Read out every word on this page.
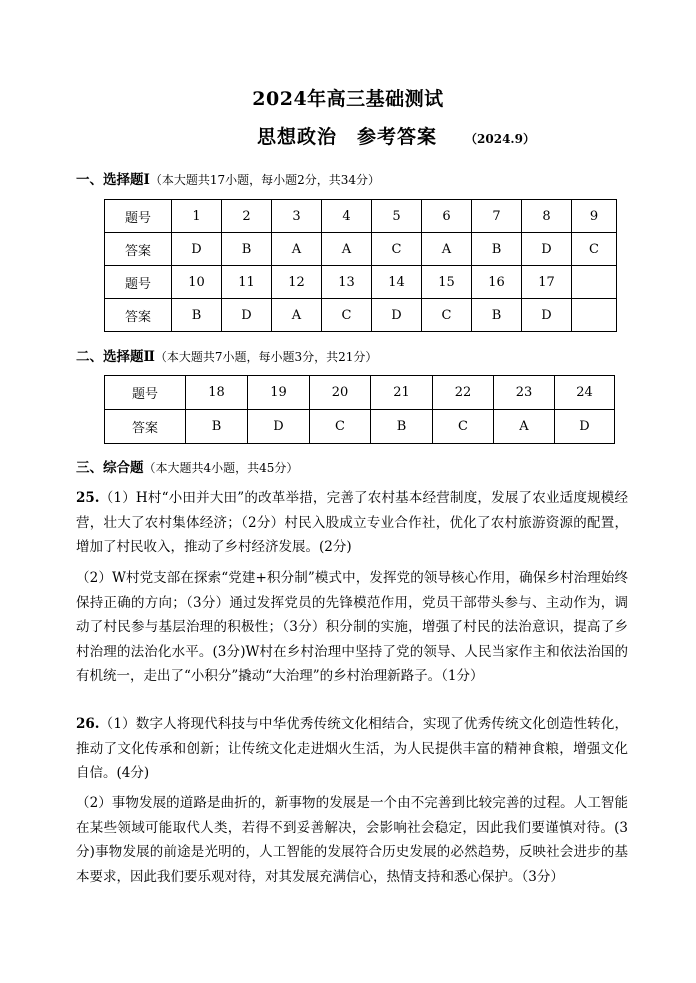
2024年高三基础测试
思想政治　参考答案 （2024.9）
一、选择题Ⅰ（本大题共17小题，每小题2分，共34分）
题号	1	2	3	4	5	6	7	8	9
答案	D	B	A	A	C	A	B	D	C
题号	10	11	12	13	14	15	16	17	
答案	B	D	A	C	D	C	B	D	
二、选择题Ⅱ（本大题共7小题，每小题3分，共21分）
题号	18	19	20	21	22	23	24
答案	B	D	C	B	C	A	D
三、综合题（本大题共4小题，共45分）
25.（1）H村“小田并大田”的改革举措，完善了农村基本经营制度，发展了农业适度规模经营，壮大了农村集体经济；（2分）村民入股成立专业合作社，优化了农村旅游资源的配置，增加了村民收入，推动了乡村经济发展。(2分)
（2）W村党支部在探索“党建+积分制”模式中，发挥党的领导核心作用，确保乡村治理始终保持正确的方向；（3分）通过发挥党员的先锋模范作用，党员干部带头参与、主动作为，调动了村民参与基层治理的积极性；（3分）积分制的实施，增强了村民的法治意识，提高了乡村治理的法治化水平。(3分)W村在乡村治理中坚持了党的领导、人民当家作主和依法治国的有机统一，走出了“小积分”撬动“大治理”的乡村治理新路子。（1分）
26.（1）数字人将现代科技与中华优秀传统文化相结合，实现了优秀传统文化创造性转化，推动了文化传承和创新；让传统文化走进烟火生活，为人民提供丰富的精神食粮，增强文化自信。(4分)
（2）事物发展的道路是曲折的，新事物的发展是一个由不完善到比较完善的过程。人工智能在某些领域可能取代人类，若得不到妥善解决，会影响社会稳定，因此我们要谨慎对待。(3分)事物发展的前途是光明的，人工智能的发展符合历史发展的必然趋势，反映社会进步的基本要求，因此我们要乐观对待，对其发展充满信心，热情支持和悉心保护。（3分）
